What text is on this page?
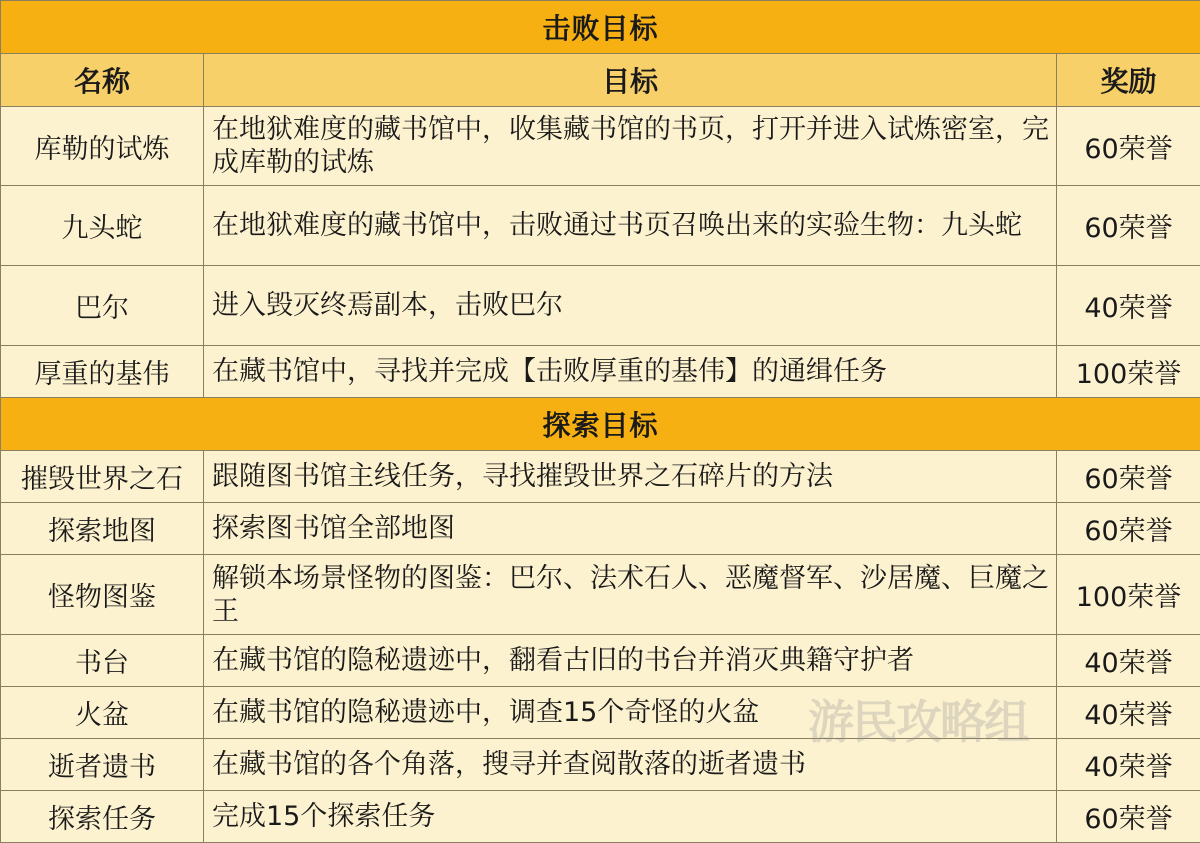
击败目标		
名称	目标	奖励
库勒的试炼	在地狱难度的藏书馆中，收集藏书馆的书页，打开并进入试炼密室，完成库勒的试炼	60荣誉
九头蛇	在地狱难度的藏书馆中，击败通过书页召唤出来的实验生物：九头蛇	60荣誉
巴尔	进入毁灭终焉副本，击败巴尔	40荣誉
厚重的基伟	在藏书馆中，寻找并完成【击败厚重的基伟】的通缉任务	100荣誉
探索目标		
摧毁世界之石	跟随图书馆主线任务，寻找摧毁世界之石碎片的方法	60荣誉
探索地图	探索图书馆全部地图	60荣誉
怪物图鉴	解锁本场景怪物的图鉴：巴尔、法术石人、恶魔督军、沙居魔、巨魔之王	100荣誉
书台	在藏书馆的隐秘遗迹中，翻看古旧的书台并消灭典籍守护者	40荣誉
火盆	在藏书馆的隐秘遗迹中，调查15个奇怪的火盆	40荣誉
逝者遗书	在藏书馆的各个角落，搜寻并查阅散落的逝者遗书	40荣誉
探索任务	完成15个探索任务	60荣誉
游民攻略组
